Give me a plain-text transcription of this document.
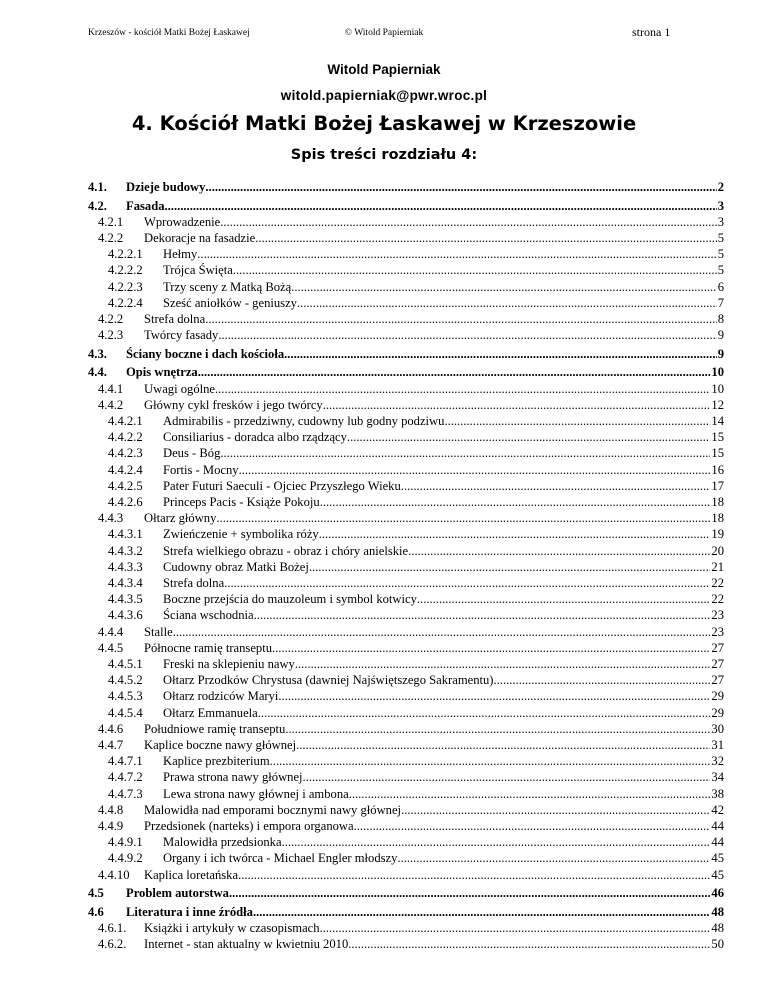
Krzeszów - kościół Matki Bożej Łaskawej	© Witold Papierniak	strona 1
Witold Papierniak
witold.papierniak@pwr.wroc.pl
4. Kościół Matki Bożej Łaskawej w Krzeszowie
Spis treści rozdziału 4:
4.1.	Dzieje budowy .....	2
4.2.	Fasada .....	3
4.2.1	Wprowadzenie .....	3
4.2.2	Dekoracje na fasadzie .....	5
4.2.2.1	Hełmy .....	5
4.2.2.2	Trójca Święta .....	5
4.2.2.3	Trzy sceny z Matką Bożą .....	6
4.2.2.4	Sześć aniołków - geniuszy .....	7
4.2.2	Strefa dolna .....	8
4.2.3	Twórcy fasady .....	9
4.3.	Ściany boczne i dach kościoła .....	9
4.4.	Opis wnętrza .....	10
4.4.1	Uwagi ogólne .....	10
4.4.2	Główny cykl fresków i jego twórcy .....	12
4.4.2.1	Admirabilis - przedziwny, cudowny lub godny podziwu .....	14
4.4.2.2	Consiliarius - doradca albo rządzący .....	15
4.4.2.3	Deus - Bóg .....	15
4.4.2.4	Fortis - Mocny .....	16
4.4.2.5	Pater Futuri Saeculi - Ojciec Przyszłego Wieku .....	17
4.4.2.6	Princeps Pacis - Książe Pokoju .....	18
4.4.3	Ołtarz główny .....	18
4.4.3.1	Zwieńczenie + symbolika róży .....	19
4.4.3.2	Strefa wielkiego obrazu - obraz i chóry anielskie .....	20
4.4.3.3	Cudowny obraz Matki Bożej .....	21
4.4.3.4	Strefa dolna .....	22
4.4.3.5	Boczne przejścia do mauzoleum i symbol kotwicy .....	22
4.4.3.6	Ściana wschodnia .....	23
4.4.4	Stalle .....	23
4.4.5	Północne ramię transeptu .....	27
4.4.5.1	Freski na sklepieniu nawy .....	27
4.4.5.2	Ołtarz Przodków Chrystusa (dawniej Najświętszego Sakramentu) .....	27
4.4.5.3	Ołtarz rodziców Maryi .....	29
4.4.5.4	Ołtarz Emmanuela .....	29
4.4.6	Południowe ramię transeptu .....	30
4.4.7	Kaplice boczne nawy głównej .....	31
4.4.7.1	Kaplice prezbiterium .....	32
4.4.7.2	Prawa strona nawy głównej .....	34
4.4.7.3	Lewa strona nawy głównej i ambona .....	38
4.4.8	Malowidła nad emporami bocznymi nawy głównej .....	42
4.4.9	Przedsionek (narteks) i empora organowa .....	44
4.4.9.1	Malowidła przedsionka .....	44
4.4.9.2	Organy i ich twórca - Michael Engler młodszy .....	45
4.4.10	Kaplica loretańska .....	45
4.5	Problem autorstwa .....	46
4.6	Literatura i inne źródła .....	48
4.6.1.	Książki i artykuły w czasopismach .....	48
4.6.2.	Internet - stan aktualny w kwietniu 2010 .....	50
